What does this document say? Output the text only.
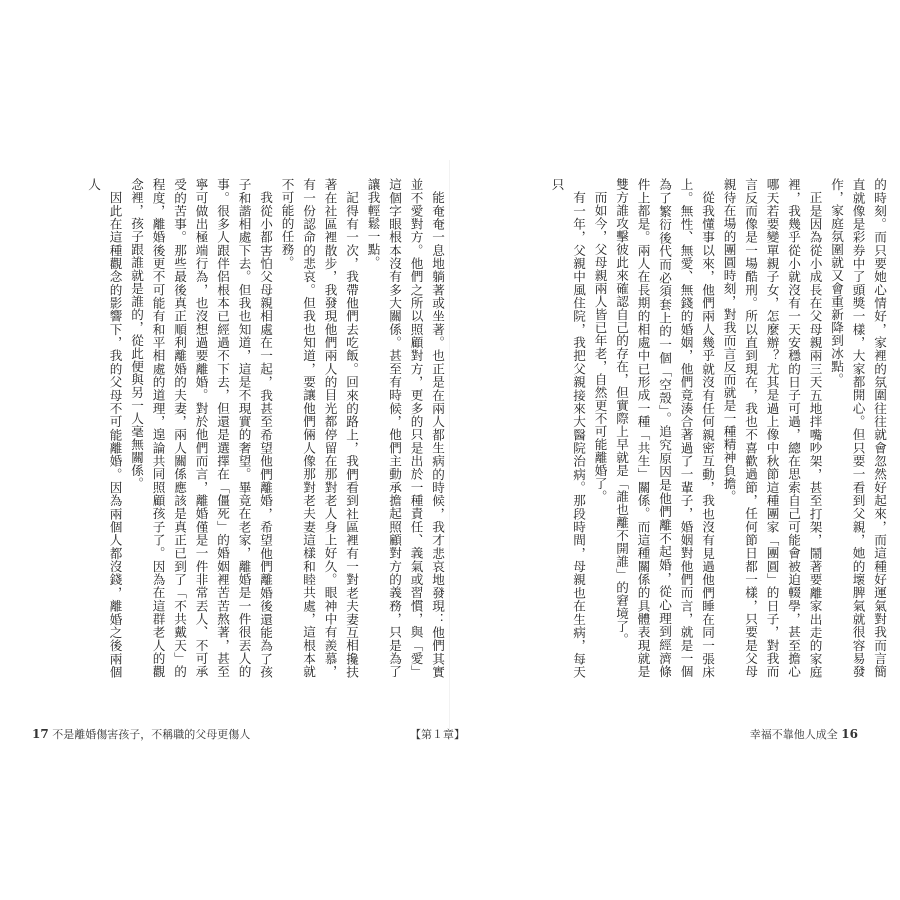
能奄奄一息地躺著或坐著。也正是在兩人都生病的時候，我才悲哀地發現：他們其實並不愛對方。他們之所以照顧對方，更多的只是出於一種責任、義氣或習慣，與「愛」這個字眼根本沒有多大關係。甚至有時候，他們主動承擔起照顧對方的義務，只是為了讓我輕鬆一點。

記得有一次，我帶他們去吃飯。回來的路上，我們看到社區裡有一對老夫妻互相攙扶著在社區裡散步，我發現他們兩人的目光都停留在那對老人身上好久。眼神中有羨慕，有一份認命的悲哀。但我也知道，要讓他們倆人像那對老夫妻這樣和睦共處，這根本就不可能的任務。

我從小都害怕父母親相處在一起，我甚至希望他們離婚，希望他們離婚後還能為了孩子和諧相處下去。但我也知道，這是不現實的奢望。畢竟在老家，離婚是一件很丟人的事。很多人跟伴侶根本已經過不下去，但還是選擇在「僵死」的婚姻裡苦苦熬著，甚至寧可做出極端行為，也沒想過要離婚。對於他們而言，離婚僅是一件非常丟人、不可承受的苦事。那些最後真正順利離婚的夫妻，兩人關係應該是真正已到了「不共戴天」的程度，離婚後更不可能有和平相處的道理，遑論共同照顧孩子了。因為在這群老人的觀念裡，孩子跟誰就是誰的，從此便與另一人毫無關係。

因此在這種觀念的影響下，我的父母不可能離婚。因為兩個人都沒錢，離婚之後兩個人	的時刻。而只要她心情好，家裡的氛圍往往就會忽然好起來，而這種好運氣對我而言簡直就像是彩券中了頭獎一樣，大家都開心。但只要一看到父親，她的壞脾氣就很容易發作，家庭氛圍就又會重新降到冰點。

正是因為從小成長在父母親兩三天五地拌嘴吵架，甚至打架，鬧著要離家出走的家庭裡，我幾乎從小就沒有一天安穩的日子可過，總在思索自己可能會被迫輟學，甚至擔心哪天若要變單親子女，怎麼辦？尤其是過上像中秋節這種團家「團圓」的日子，對我而言反而像是一場酷刑。所以直到現在，我也不喜歡過節，任何節日都一樣，只要是父母親待在場的團圓時刻，對我而言反而就是一種精神負擔。

從我懂事以來，他們兩人幾乎就沒有任何親密互動，我也沒有見過他們睡在同一張床上。無性、無愛、無錢的婚姻，他們竟湊合著過了一輩子，婚姻對他們而言，就是一個為了繁衍後代而必須套上的一個「空殼」。追究原因是他們離不起婚，從心理到經濟條件上都是。兩人在長期的相處中已形成一種「共生」關係。而這種關係的具體表現就是雙方誰攻擊彼此來確認自己的存在，但實際上早就是「誰也離不開誰」的窘境了。

而如今，父母親兩人皆已年老，自然更不可能離婚了。

有一年，父親中風住院，我把父親接來大醫院治病。那段時間，母親也在生病，每天只

17 不是離婚傷害孩子，不稱職的父母更傷人	【第１章】	幸福不靠他人成全 16
